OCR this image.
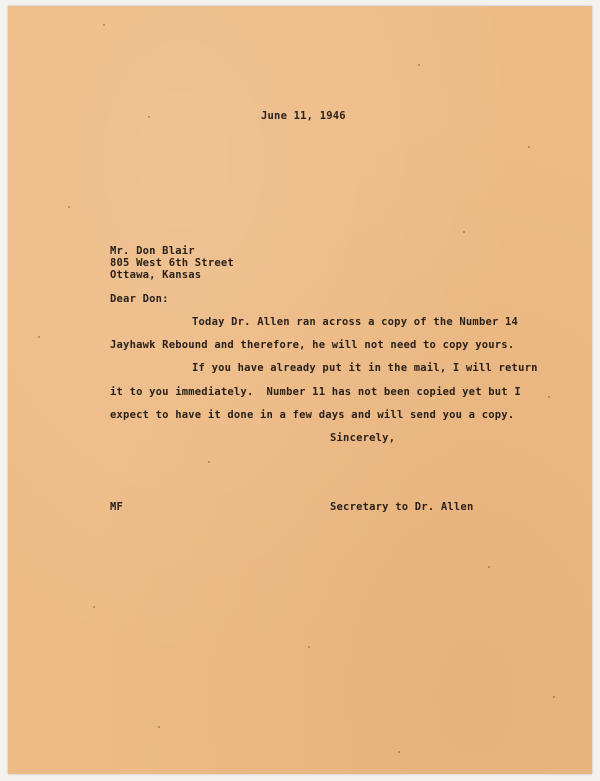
June 11, 1946
Mr. Don Blair
805 West 6th Street
Ottawa, Kansas
Dear Don:
Today Dr. Allen ran across a copy of the Number 14
Jayhawk Rebound and therefore, he will not need to copy yours.
If you have already put it in the mail, I will return
it to you immediately.  Number 11 has not been copied yet but I
expect to have it done in a few days and will send you a copy.
Sincerely,
MF	Secretary to Dr. Allen
